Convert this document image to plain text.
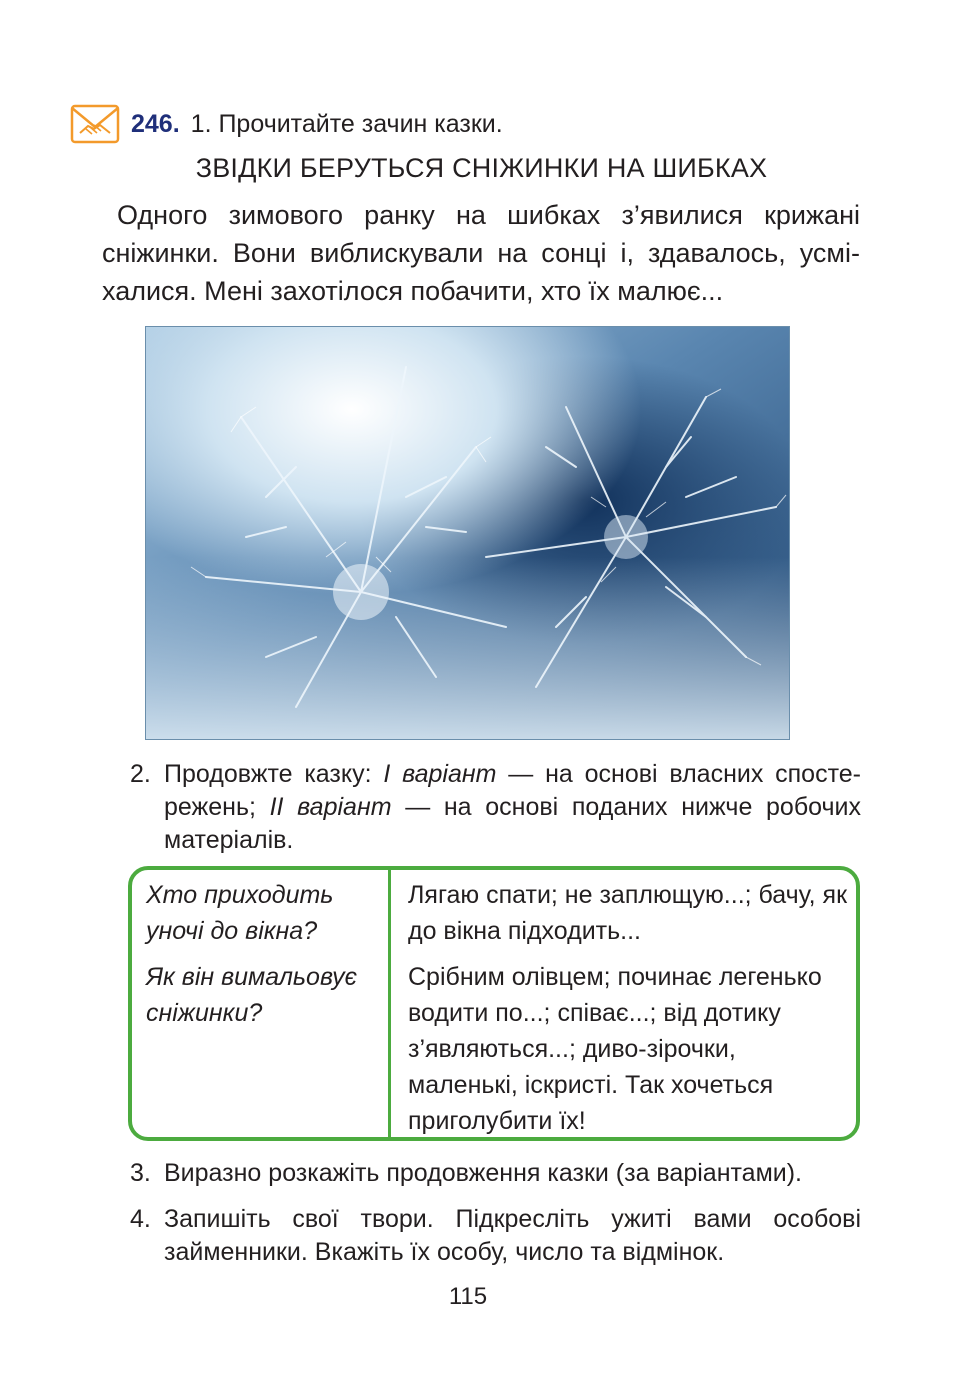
246. 1. Прочитайте зачин казки.
ЗВІДКИ БЕРУТЬСЯ СНІЖИНКИ НА ШИБКАХ

Одного зимового ранку на шибках з’явилися крижані сніжинки. Вони виблискували на сонці і, здавалось, усміхалися. Мені захотілося побачити, хто їх малює...

2. Продовжте казку: І варіант — на основі власних спостережень; ІІ варіант — на основі поданих нижче робочих матеріалів.
Хто приходить уночі до вікна?
Лягаю спати; не заплющую...; бачу, як до вікна підходить...
Як він вимальовує сніжинки?
Срібним олівцем; починає легенько водити по...; співає...; від дотику з’являються...; диво-зірочки, маленькі, іскристі. Так хочеться приголубити їх!
3. Виразно розкажіть продовження казки (за варіантами).
4. Запишіть свої твори. Підкресліть ужиті вами особові займенники. Вкажіть їх особу, число та відмінок.
115
